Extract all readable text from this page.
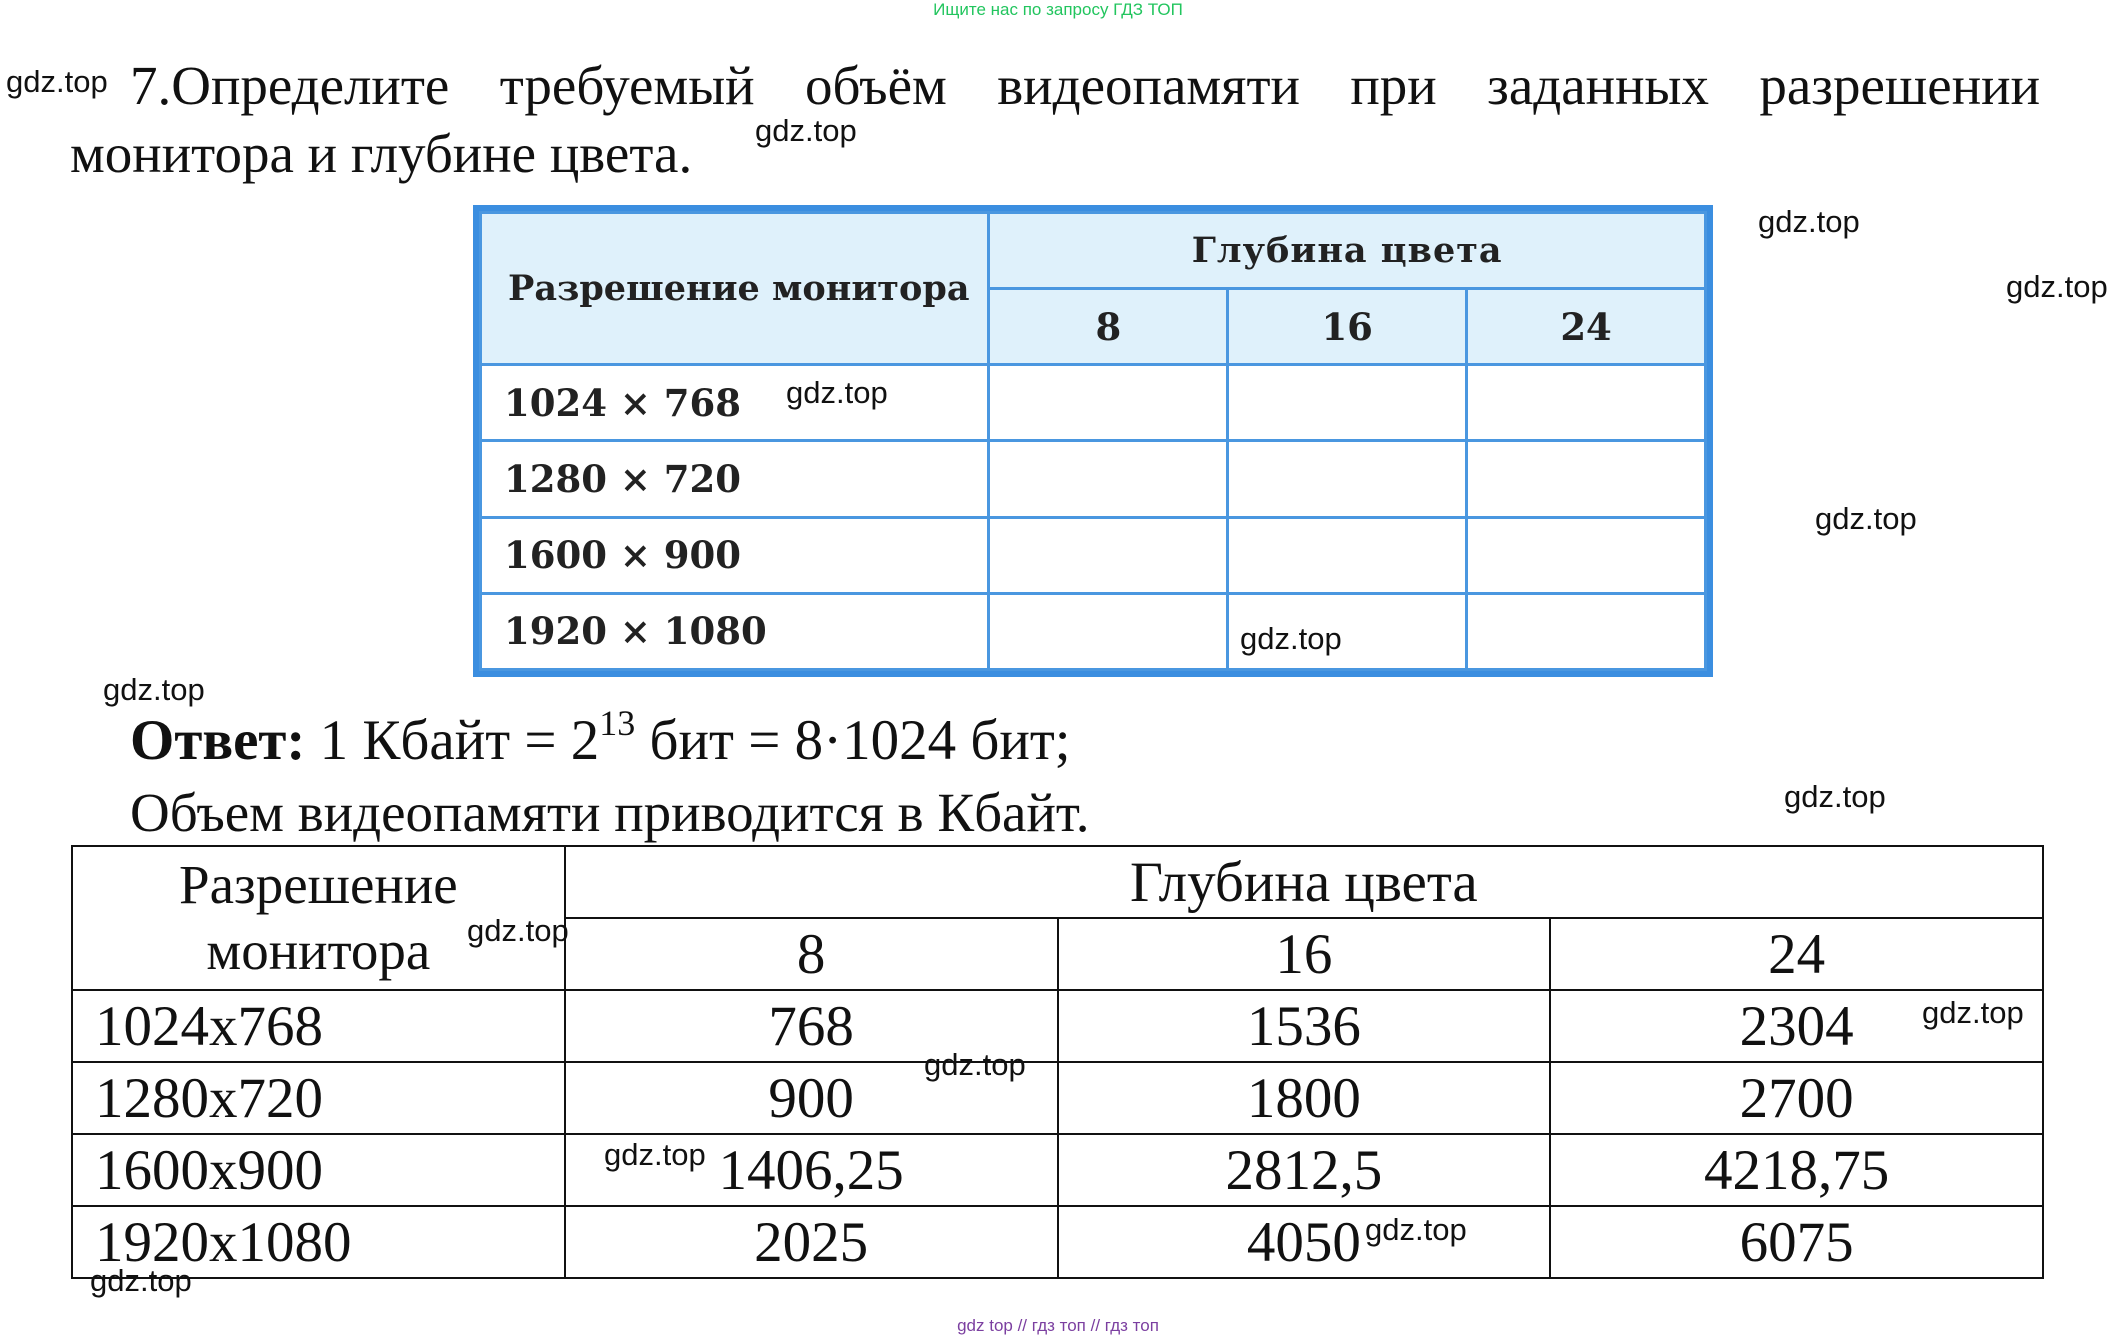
Ищите нас по запросу ГДЗ ТОП
gdz.top 7.Определите требуемый объём видеопамяти при заданных разрешении
монитора и глубине цвета. gdz.top
Разрешение монитора	Глубина цвета		
	8	16	24
1024 × 768			
1280 × 720			
1600 × 900			
1920 × 1080			
gdz.top
gdz.top
gdz.top
gdz.top
gdz.top
gdz.top
Ответ: 1 Кбайт = $2^{13}$ бит = 8·1024 бит;
Объем видеопамяти приводится в Кбайт.	gdz.top
Разрешение
монитора	Глубина цвета		
	8	16	24
1024x768	768	1536	2304
1280x720	900	1800	2700
1600x900	1406,25	2812,5	4218,75
1920x1080	2025	4050	6075
gdz.top
gdz.top
gdz.top
gdz.top
gdz.top
gdz.top
gdz top // гдз топ // гдз топ
